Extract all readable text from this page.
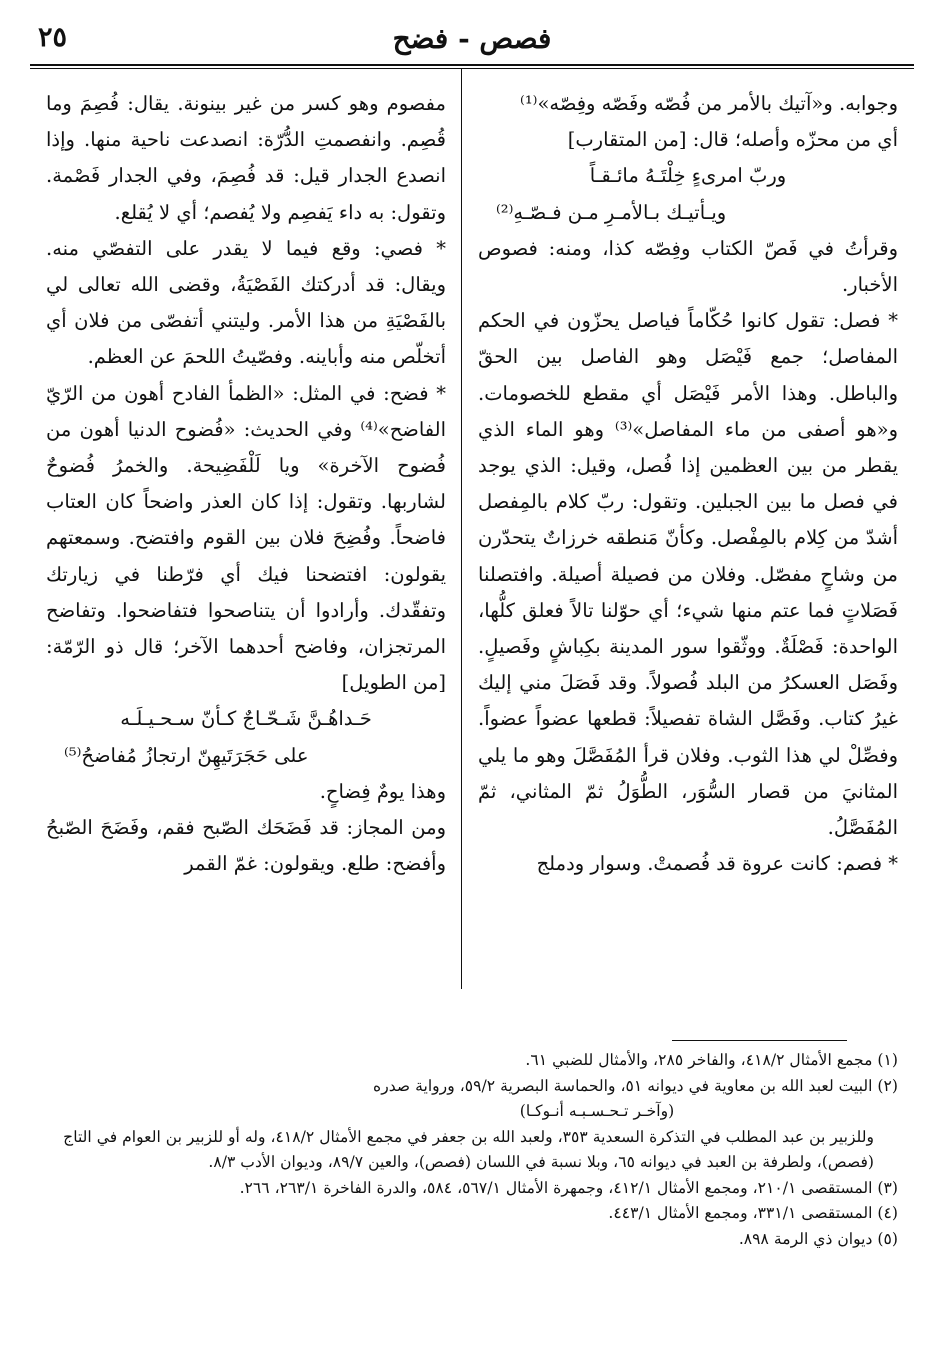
٢٥	فصص - فضح

وجوابه. و«آتيك بالأمر من فُصّه وفَصّه وفِصّه»⁽¹⁾

أي من محزّه وأصله؛ قال: [من المتقارب]

وربّ امرىءٍ خِلْتَـهُ مائـقـاً

ويـأتيـك بـالأمـرِ مـن فـصّـهِ⁽²⁾

وقرأتُ في فَصّ الكتاب وفِصّه كذا، ومنه: فصوص الأخبار.

* فصل: تقول كانوا حُكّاماً فياصل يحزّون في الحكم المفاصل؛ جمع فَيْصَل وهو الفاصل بين الحقّ والباطل. وهذا الأمر فَيْصَل أي مقطع للخصومات. و«هو أصفى من ماء المفاصل»⁽³⁾ وهو الماء الذي يقطر من بين العظمين إذا فُصل، وقيل: الذي يوجد في فصل ما بين الجبلين. وتقول: ربّ كلام بالمِفصل أشدّ من كِلام بالمِفْصل. وكأنّ مَنطقه خرزاتٌ يتحدّرن من وشاحٍ مفصّل. وفلان من فصيلة أصيلة. وافتصلنا فَصَلاتٍ فما عتم منها شيء؛ أي حوّلنا تالاً فعلق كلُّها، الواحدة: فَصْلَةٌ. ووثّقوا سور المدينة بكِباشٍ وفَصيلٍ. وفَصَل العسكرُ من البلد فُصولاً. وقد فَصَلَ مني إليك غيرُ كتاب. وفَصَّل الشاة تفصيلاً: قطعها عضواً عضواً. وفصِّلْ لي هذا الثوب. وفلان قرأ المُفَصَّلَ وهو ما يلي المثانيَ من قصار السُّوَر، الطُّوَلُ ثمّ المثاني، ثمّ المُفَصَّلُ.

* فصم: كانت عروة قد فُصمتْ. وسوار ودملج

مفصوم وهو كسر من غير بينونة. يقال: فُصِمَ وما قُصِم. وانفصمتِ الدُّرّة: انصدعت ناحية منها. وإذا انصدع الجدار قيل: قد فُصِمَ، وفي الجدار فَصْمة. وتقول: به داء يَفصِم ولا يُفصم؛ أي لا يُقلع.

* فصي: وقع فيما لا يقدر على التفصّي منه. ويقال: قد أدركتك الفَصْيَةُ، وقضى الله تعالى لي بالفَصْيَةِ من هذا الأمر. وليتني أتفصّى من فلان أي أتخلّص منه وأباينه. وفصّيتُ اللحمَ عن العظم.

* فضح: في المثل: «الظمأ الفادح أهون من الرّيّ الفاضح»⁽⁴⁾ وفي الحديث: «فُضوح الدنيا أهون من فُضوح الآخرة» ويا لَلْفَضِيحة. والخمرُ فُضوحٌ لشاربها. وتقول: إذا كان العذر واضحاً كان العتاب فاضحاً. وفُضِحَ فلان بين القوم وافتضح. وسمعتهم يقولون: افتضحنا فيك أي فرّطنا في زيارتك وتفقّدك. وأرادوا أن يتناصحوا فتفاضحوا. وتفاضح المرتجزان، وفاضح أحدهما الآخر؛ قال ذو الرّمّة: [من الطويل]

حَـداهُـنَّ شَـحّـاجٌ كـأنّ سـحـيـلَـه

على حَجَرَتَيهِنّ ارتجازُ مُفاضحُ⁽⁵⁾

وهذا يومٌ فِضاحٍ.

ومن المجاز: قد فَضَحَك الصّبح فقم، وفَضَحَ الصّبحُ وأفضح: طلع. ويقولون: غمّ القمر

(١) مجمع الأمثال ٤١٨/٢، والفاخر ٢٨٥، والأمثال للضبي ٦١.

(٢) البيت لعبد الله بن معاوية في ديوانه ٥١، والحماسة البصرية ٥٩/٢، ورواية صدره

(وآخـر تـحـسـبـه أنـوكـا)

وللزبير بن عبد المطلب في التذكرة السعدية ٣٥٣، ولعبد الله بن جعفر في مجمع الأمثال ٤١٨/٢، وله أو للزبير بن العوام في التاج (فصص)، ولطرفة بن العبد في ديوانه ٦٥، وبلا نسبة في اللسان (فصص)، والعين ٨٩/٧، وديوان الأدب ٨/٣.

(٣) المستقصى ٢١٠/١، ومجمع الأمثال ٤١٢/١، وجمهرة الأمثال ٥٦٧/١، ٥٨٤، والدرة الفاخرة ٢٦٣/١، ٢٦٦.

(٤) المستقصى ٣٣١/١، ومجمع الأمثال ٤٤٣/١.

(٥) ديوان ذي الرمة ٨٩٨.
